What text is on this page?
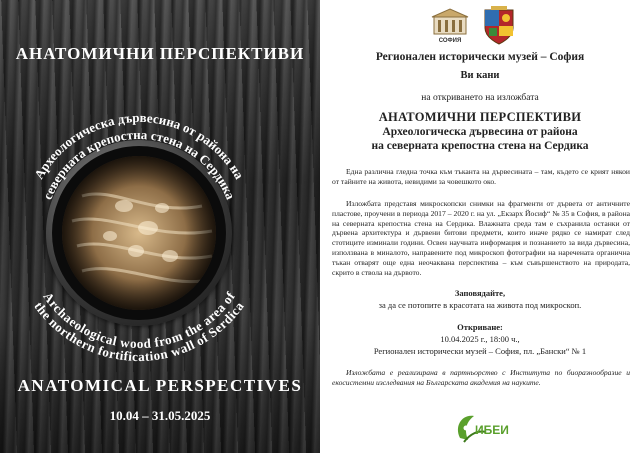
АНАТОМИЧНИ ПЕРСПЕКТИВИ
Археологическа дървесина от района на
северната крепостна стена на Сердика
Archaeological wood from the area of
the northern fortification wall of Serdica
ANATOMICAL PERSPECTIVES
10.04 – 31.05.2025
СОФИЯ
Регионален исторически музей – София
Ви кани
на откриването на изложбата
АНАТОМИЧНИ ПЕРСПЕКТИВИ
Археологическа дървесина от района
на северната крепостна стена на Сердика
Една различна гледна точка към тъканта на дървесината – там, където се крият някои от тайните на живота, невидими за човешкото око.
Изложбата представя микроскопски снимки на фрагменти от дървета от античните пластове, проучени в периода 2017 – 2020 г. на ул. „Екзарх Йосиф“ № 35 в София, в района на северната крепостна стена на Сердика. Влажната среда там е съхранила останки от дървена архитектура и дървени битови предмети, които иначе рядко се намират след стотиците изминали години. Освен научната информация и познанието за вида дървесина, използвана в миналото, направените под микроскоп фотографии на наречената органична тъкан отварят още една неочаквана перспектива – към съвършенството на природата, скрито в стволa на дървото.
Заповядайте,
за да се потопите в красотата на живота под микроскоп.
Откриване:
10.04.2025 г., 18:00 ч.,
Регионален исторически музей – София, пл. „Бански“ № 1
Изложбата е реализирана в партньорство с Института по биоразнообразие и екосистемни изследвания на Българската академия на науките.
ИБЕИ
